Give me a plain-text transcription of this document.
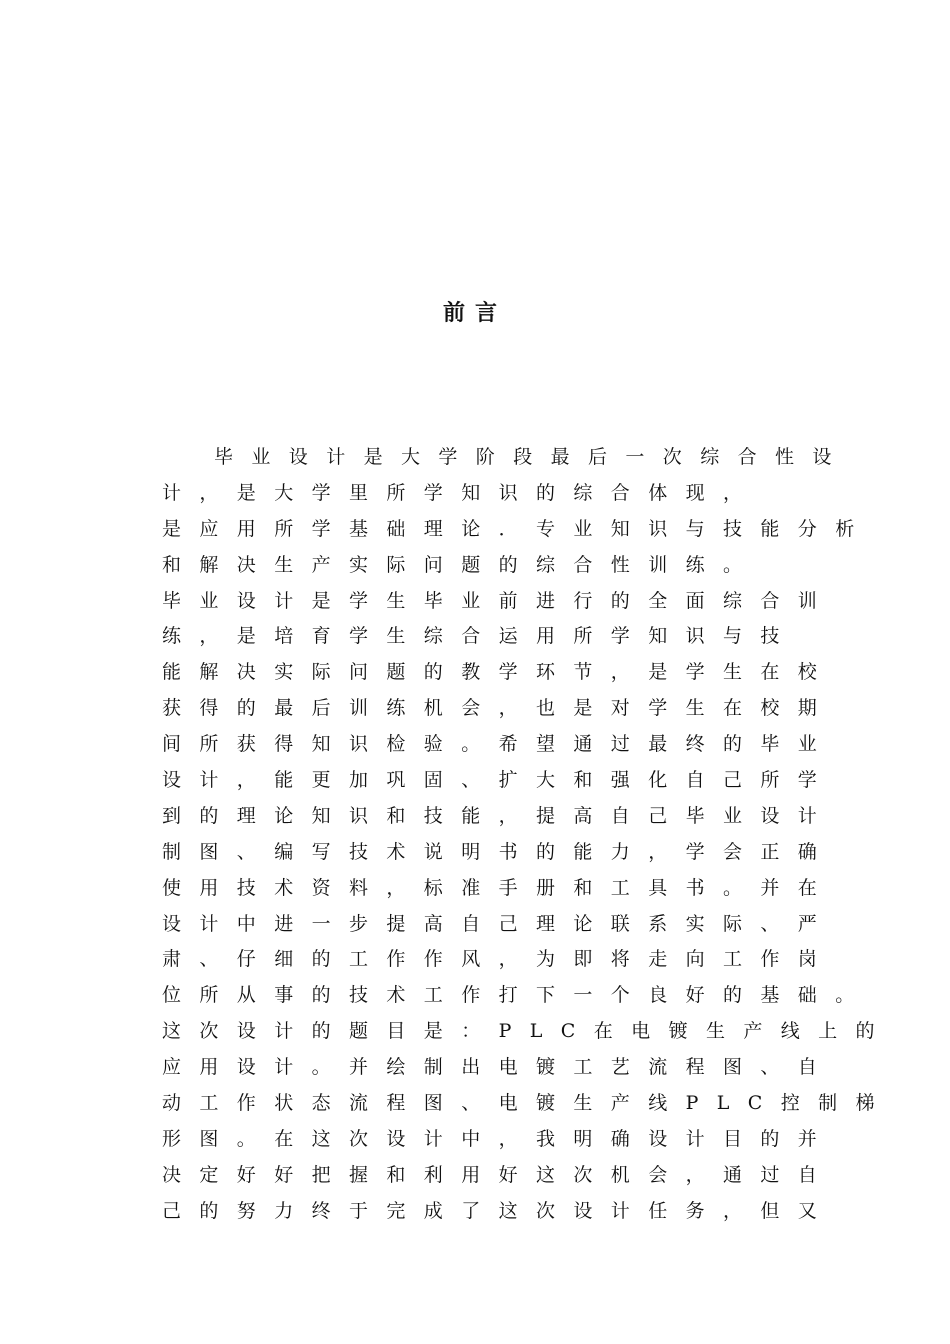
前言
毕业设计是大学阶段最后一次综合性设
计，是大学里所学知识的综合体现，
是应用所学基础理论．专业知识与技能分析
和解决生产实际问题的综合性训练。
毕业设计是学生毕业前进行的全面综合训
练，是培育学生综合运用所学知识与技
能解决实际问题的教学环节，是学生在校
获得的最后训练机会，也是对学生在校期
间所获得知识检验。希望通过最终的毕业
设计，能更加巩固、扩大和强化自己所学
到的理论知识和技能，提高自己毕业设计
制图、编写技术说明书的能力，学会正确
使用技术资料，标准手册和工具书。并在
设计中进一步提高自己理论联系实际、严
肃、仔细的工作作风，为即将走向工作岗
位所从事的技术工作打下一个良好的基础。
这次设计的题目是：PLC在电镀生产线上的
应用设计。并绘制出电镀工艺流程图、自
动工作状态流程图、电镀生产线PLC控制梯
形图。在这次设计中，我明确设计目的并
决定好好把握和利用好这次机会，通过自
己的努力终于完成了这次设计任务，但又
